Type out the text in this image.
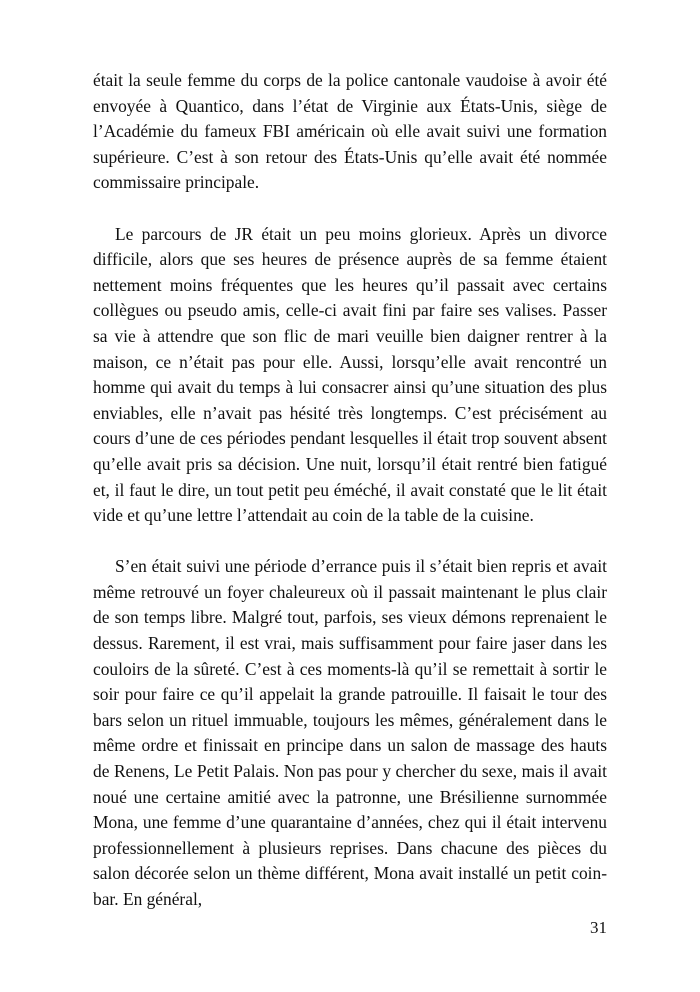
était la seule femme du corps de la police cantonale vaudoise à avoir été envoyée à Quantico, dans l’état de Virginie aux États-Unis, siège de l’Académie du fameux FBI américain où elle avait suivi une formation supérieure. C’est à son retour des États-Unis qu’elle avait été nommée commissaire principale.

Le parcours de JR était un peu moins glorieux. Après un divorce difficile, alors que ses heures de présence auprès de sa femme étaient nettement moins fréquentes que les heures qu’il passait avec certains collègues ou pseudo amis, celle-ci avait fini par faire ses valises. Passer sa vie à attendre que son flic de mari veuille bien daigner rentrer à la maison, ce n’était pas pour elle. Aussi, lorsqu’elle avait rencontré un homme qui avait du temps à lui consacrer ainsi qu’une situation des plus enviables, elle n’avait pas hésité très longtemps. C’est précisément au cours d’une de ces périodes pendant lesquelles il était trop souvent absent qu’elle avait pris sa décision. Une nuit, lorsqu’il était rentré bien fatigué et, il faut le dire, un tout petit peu éméché, il avait constaté que le lit était vide et qu’une lettre l’attendait au coin de la table de la cuisine.

S’en était suivi une période d’errance puis il s’était bien repris et avait même retrouvé un foyer chaleureux où il passait maintenant le plus clair de son temps libre. Malgré tout, parfois, ses vieux démons reprenaient le dessus. Rarement, il est vrai, mais suffisamment pour faire jaser dans les couloirs de la sûreté. C’est à ces moments-là qu’il se remettait à sortir le soir pour faire ce qu’il appelait la grande patrouille. Il faisait le tour des bars selon un rituel immuable, toujours les mêmes, généralement dans le même ordre et finissait en principe dans un salon de massage des hauts de Renens, Le Petit Palais. Non pas pour y chercher du sexe, mais il avait noué une certaine amitié avec la patronne, une Brésilienne surnommée Mona, une femme d’une quarantaine d’années, chez qui il était intervenu professionnellement à plusieurs reprises. Dans chacune des pièces du salon décorée selon un thème différent, Mona avait installé un petit coin-bar. En général,

31
